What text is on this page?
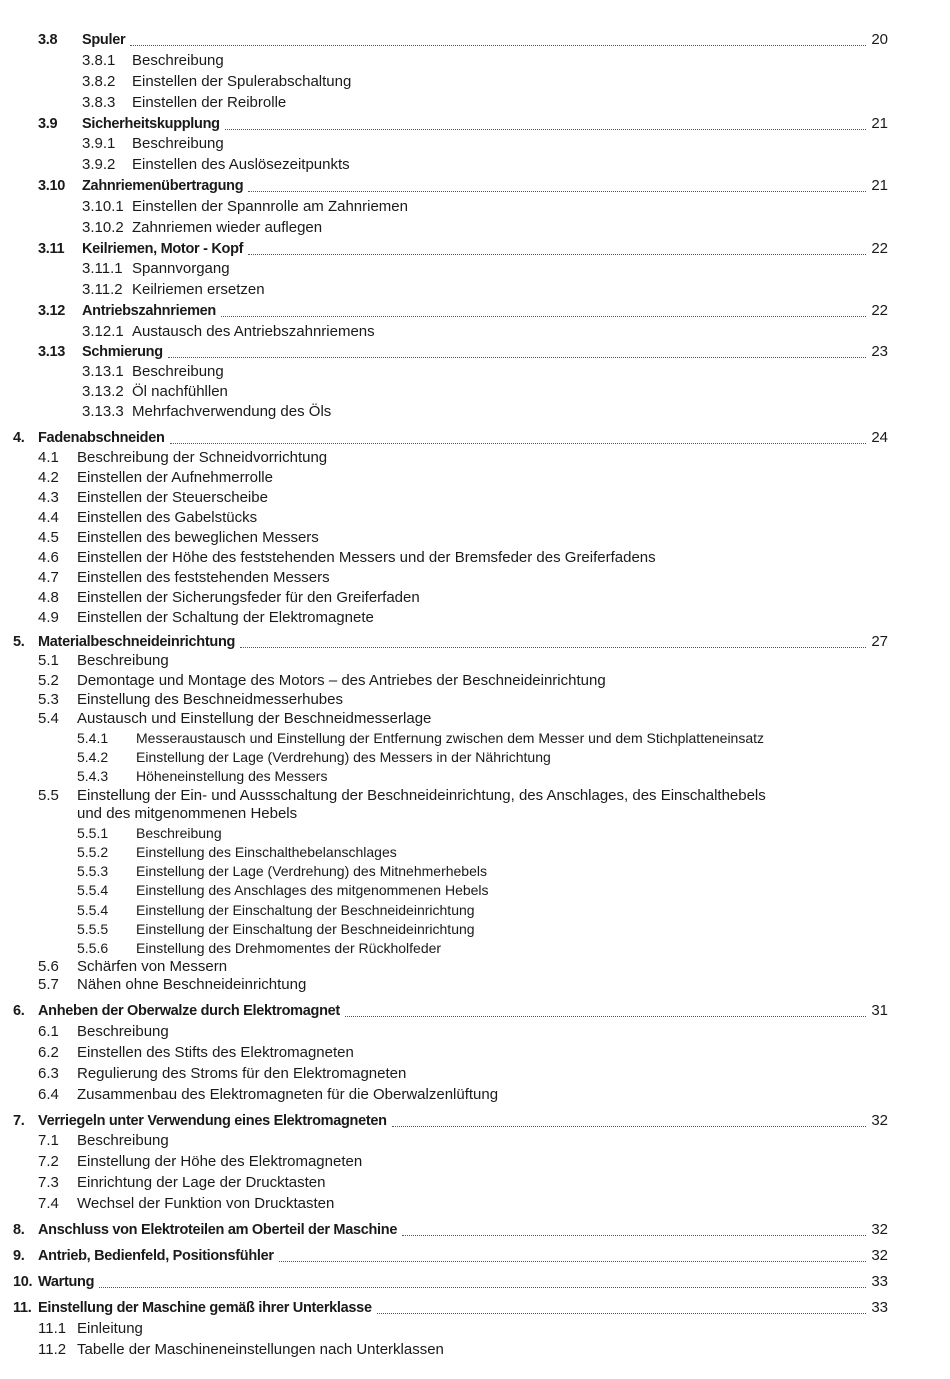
3.8 Spuler	20
3.8.1 Beschreibung
3.8.2 Einstellen der Spulerabschaltung
3.8.3 Einstellen der Reibrolle
3.9 Sicherheitskupplung	21
3.9.1 Beschreibung
3.9.2 Einstellen des Auslösezeitpunkts
3.10 Zahnriemenübertragung	21
3.10.1 Einstellen der Spannrolle am Zahnriemen
3.10.2 Zahnriemen wieder auflegen
3.11 Keilriemen, Motor - Kopf	22
3.11.1 Spannvorgang
3.11.2 Keilriemen ersetzen
3.12 Antriebszahnriemen	22
3.12.1 Austausch des Antriebszahnriemens
3.13 Schmierung	23
3.13.1 Beschreibung
3.13.2 Öl nachfühllen
3.13.3 Mehrfachverwendung des Öls
4. Fadenabschneiden	24
4.1 Beschreibung der Schneidvorrichtung
4.2 Einstellen der Aufnehmerrolle
4.3 Einstellen der Steuerscheibe
4.4 Einstellen des Gabelstücks
4.5 Einstellen des beweglichen Messers
4.6 Einstellen der Höhe des feststehenden Messers und der Bremsfeder des Greiferfadens
4.7 Einstellen des feststehenden Messers
4.8 Einstellen der Sicherungsfeder für den Greiferfaden
4.9 Einstellen der Schaltung der Elektromagnete
5. Materialbeschneideinrichtung	27
5.1 Beschreibung
5.2 Demontage und Montage des Motors – des Antriebes der Beschneideinrichtung
5.3 Einstellung des Beschneidmesserhubes
5.4 Austausch und Einstellung der Beschneidmesserlage
5.4.1 Messeraustausch und Einstellung der Entfernung zwischen dem Messer und dem Stichplatteneinsatz
5.4.2 Einstellung der Lage (Verdrehung) des Messers in der Nährichtung
5.4.3 Höheneinstellung des Messers
5.5 Einstellung der Ein- und Aussschaltung der Beschneideinrichtung, des Anschlages, des Einschalthebels
und des mitgenommenen Hebels
5.5.1 Beschreibung
5.5.2 Einstellung des Einschalthebelanschlages
5.5.3 Einstellung der Lage (Verdrehung) des Mitnehmerhebels
5.5.4 Einstellung des Anschlages des mitgenommenen Hebels
5.5.4 Einstellung der Einschaltung der Beschneideinrichtung
5.5.5 Einstellung der Einschaltung der Beschneideinrichtung
5.5.6 Einstellung des Drehmomentes der Rückholfeder
5.6 Schärfen von Messern
5.7 Nähen ohne Beschneideinrichtung
6. Anheben der Oberwalze durch Elektromagnet	31
6.1 Beschreibung
6.2 Einstellen des Stifts des Elektromagneten
6.3 Regulierung des Stroms für den Elektromagneten
6.4 Zusammenbau des Elektromagneten für die Oberwalzenlüftung
7. Verriegeln unter Verwendung eines Elektromagneten	32
7.1 Beschreibung
7.2 Einstellung der Höhe des Elektromagneten
7.3 Einrichtung der Lage der Drucktasten
7.4 Wechsel der Funktion von Drucktasten
8. Anschluss von Elektroteilen am Oberteil der Maschine	32
9. Antrieb, Bedienfeld, Positionsfühler	32
10. Wartung	33
11. Einstellung der Maschine gemäß ihrer Unterklasse	33
11.1 Einleitung
11.2 Tabelle der Maschineneinstellungen nach Unterklassen
